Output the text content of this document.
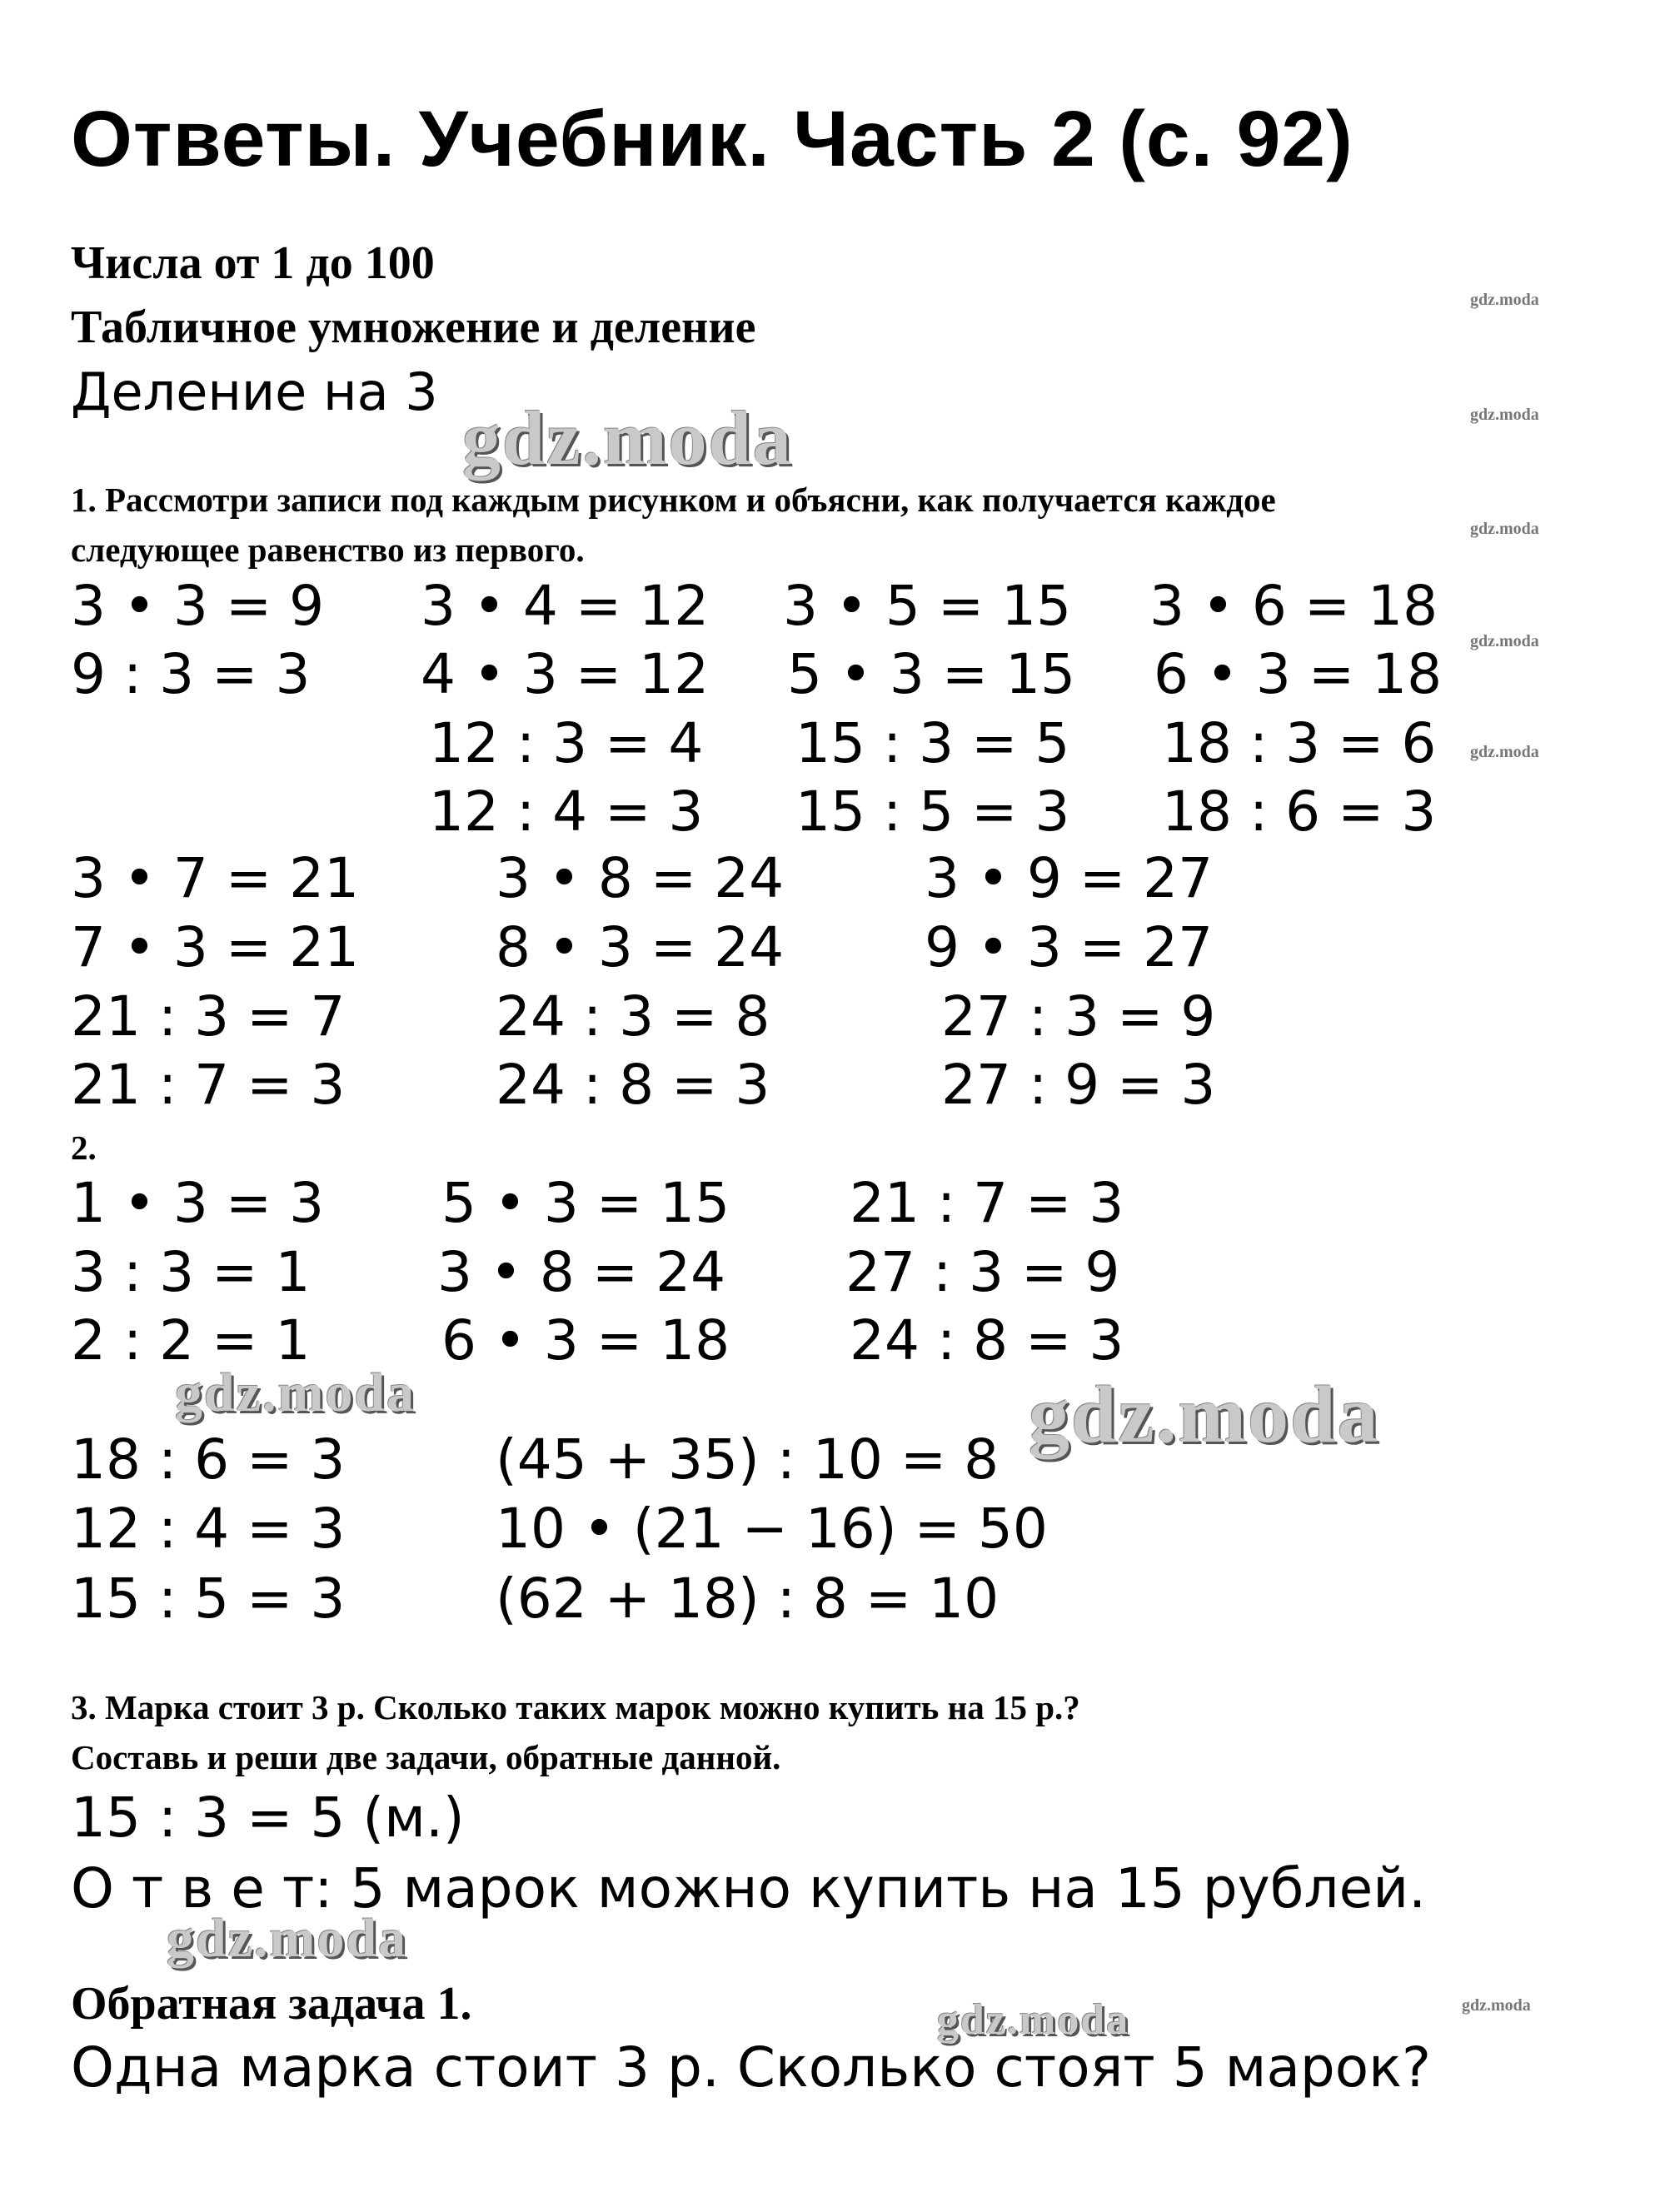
Ответы. Учебник. Часть 2 (с. 92)
Числа от 1 до 100
Табличное умножение и деление
Деление на 3
1. Рассмотри записи под каждым рисунком и объясни, как получается каждое
следующее равенство из первого.
3 • 3 = 9 3 • 4 = 12 3 • 5 = 15 3 • 6 = 18
9 : 3 = 3 4 • 3 = 12 5 • 3 = 15 6 • 3 = 18
12 : 3 = 4 15 : 3 = 5 18 : 3 = 6
12 : 4 = 3 15 : 5 = 3 18 : 6 = 3
3 • 7 = 21 3 • 8 = 24	3 • 9 = 27
7 • 3 = 21 8 • 3 = 24	9 • 3 = 27
21 : 3 = 7	24 : 3 = 8	27 : 3 = 9
21 : 7 = 3	24 : 8 = 3	27 : 9 = 3
2.
1 • 3 = 3 5 • 3 = 15 21 : 7 = 3
3 : 3 = 1 3 • 8 = 24 27 : 3 = 9
2 : 2 = 1 6 • 3 = 18 24 : 8 = 3
18 : 6 = 3	(45 + 35) : 10 = 8
12 : 4 = 3	10 • (21 − 16) = 50
15 : 5 = 3	(62 + 18) : 8 = 10
3. Марка стоит 3 р. Сколько таких марок можно купить на 15 р.?
Составь и реши две задачи, обратные данной.
15 : 3 = 5 (м.)
О т в е т: 5 марок можно купить на 15 рублей.
Обратная задача 1.
Одна марка стоит 3 р. Сколько стоят 5 марок?
gdz.moda
gdz.moda
gdz.moda
gdz.moda
gdz.moda
gdz.moda
gdz.moda
gdz.moda	gdz.moda
gdz.moda
gdz.moda
